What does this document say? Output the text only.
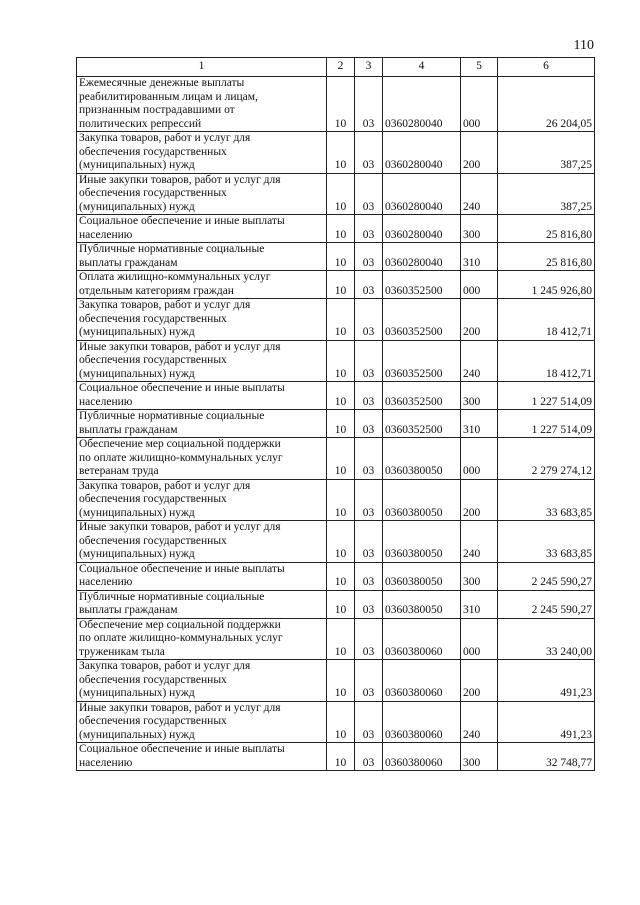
110
1	2	3	4	5	6

Ежемесячные денежные выплаты
реабилитированным лицам и лицам,
признанным пострадавшими от
политических репрессий	10	03	0360280040	000	26 204,05

Закупка товаров, работ и услуг для
обеспечения государственных
(муниципальных) нужд	10	03	0360280040	200	387,25

Иные закупки товаров, работ и услуг для
обеспечения государственных
(муниципальных) нужд	10	03	0360280040	240	387,25

Социальное обеспечение и иные выплаты
населению	10	03	0360280040	300	25 816,80

Публичные нормативные социальные
выплаты гражданам	10	03	0360280040	310	25 816,80

Оплата жилищно-коммунальных услуг
отдельным категориям граждан	10	03	0360352500	000	1 245 926,80

Закупка товаров, работ и услуг для
обеспечения государственных
(муниципальных) нужд	10	03	0360352500	200	18 412,71

Иные закупки товаров, работ и услуг для
обеспечения государственных
(муниципальных) нужд	10	03	0360352500	240	18 412,71

Социальное обеспечение и иные выплаты
населению	10	03	0360352500	300	1 227 514,09

Публичные нормативные социальные
выплаты гражданам	10	03	0360352500	310	1 227 514,09

Обеспечение мер социальной поддержки
по оплате жилищно-коммунальных услуг
ветеранам труда	10	03	0360380050	000	2 279 274,12

Закупка товаров, работ и услуг для
обеспечения государственных
(муниципальных) нужд	10	03	0360380050	200	33 683,85

Иные закупки товаров, работ и услуг для
обеспечения государственных
(муниципальных) нужд	10	03	0360380050	240	33 683,85

Социальное обеспечение и иные выплаты
населению	10	03	0360380050	300	2 245 590,27

Публичные нормативные социальные
выплаты гражданам	10	03	0360380050	310	2 245 590,27

Обеспечение мер социальной поддержки
по оплате жилищно-коммунальных услуг
труженикам тыла	10	03	0360380060	000	33 240,00

Закупка товаров, работ и услуг для
обеспечения государственных
(муниципальных) нужд	10	03	0360380060	200	491,23

Иные закупки товаров, работ и услуг для
обеспечения государственных
(муниципальных) нужд	10	03	0360380060	240	491,23

Социальное обеспечение и иные выплаты
населению	10	03	0360380060	300	32 748,77
